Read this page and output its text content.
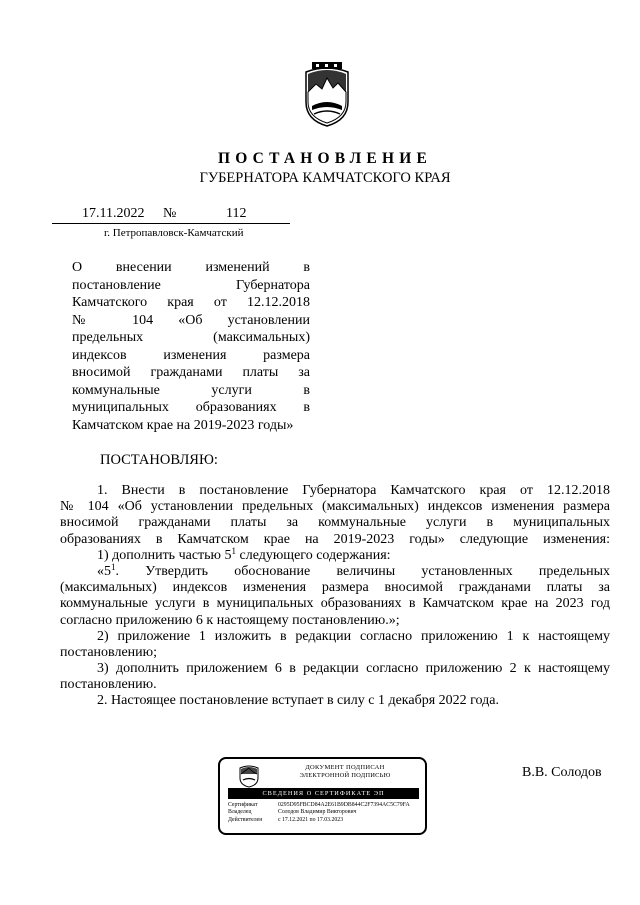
ПОСТАНОВЛЕНИЕ
ГУБЕРНАТОРА КАМЧАТСКОГО КРАЯ
17.11.2022 №	112
г. Петропавловск-Камчатский
О внесении изменений в
постановление Губернатора
Камчатского края от 12.12.2018
№ 104 «Об установлении
предельных (максимальных)
индексов изменения размера
вносимой гражданами платы за
коммунальные услуги в
муниципальных образованиях в
Камчатском крае на 2019-2023 годы»
ПОСТАНОВЛЯЮ:
1. Внести в постановление Губернатора Камчатского края от 12.12.2018
№ 104 «Об установлении предельных (максимальных) индексов изменения размера
вносимой гражданами платы за коммунальные услуги в муниципальных
образованиях в Камчатском крае на 2019-2023 годы» следующие изменения:
1) дополнить частью $5^1$ следующего содержания:
«$5^1$. Утвердить обоснование величины установленных предельных
(максимальных) индексов изменения размера вносимой гражданами платы за
коммунальные услуги в муниципальных образованиях в Камчатском крае на 2023 год
согласно приложению 6 к настоящему постановлению.»;
2) приложение 1 изложить в редакции согласно приложению 1 к настоящему
постановлению;
3) дополнить приложением 6 в редакции согласно приложению 2 к настоящему
постановлению.
2. Настоящее постановление вступает в силу с 1 декабря 2022 года.
ДОКУМЕНТ ПОДПИСАН
ЭЛЕКТРОННОЙ ПОДПИСЬЮ
СВЕДЕНИЯ О СЕРТИФИКАТЕ ЭП
Сертификат	0295D95FBCD84A2E61B9DB844C2F7394AC5C79FA
Владелец	Солодов Владимир Викторович
Действителен	с 17.12.2021 по 17.03.2023
В.В. Солодов
